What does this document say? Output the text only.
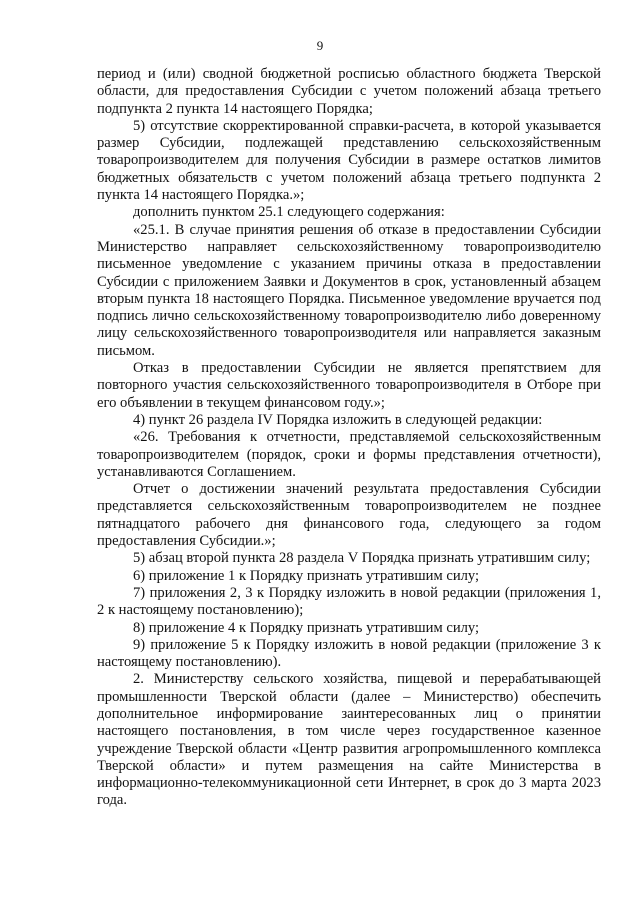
9

период и (или) сводной бюджетной росписью областного бюджета Тверской области, для предоставления Субсидии с учетом положений абзаца третьего подпункта 2 пункта 14 настоящего Порядка;

5) отсутствие скорректированной справки-расчета, в которой указывается размер Субсидии, подлежащей представлению сельскохозяйственным товаропроизводителем для получения Субсидии в размере остатков лимитов бюджетных обязательств с учетом положений абзаца третьего подпункта 2 пункта 14 настоящего Порядка.»;

дополнить пунктом 25.1 следующего содержания:

«25.1. В случае принятия решения об отказе в предоставлении Субсидии Министерство направляет сельскохозяйственному товаропроизводителю письменное уведомление с указанием причины отказа в предоставлении Субсидии с приложением Заявки и Документов в срок, установленный абзацем вторым пункта 18 настоящего Порядка. Письменное уведомление вручается под подпись лично сельскохозяйственному товаропроизводителю либо доверенному лицу сельскохозяйственного товаропроизводителя или направляется заказным письмом.

Отказ в предоставлении Субсидии не является препятствием для повторного участия сельскохозяйственного товаропроизводителя в Отборе при его объявлении в текущем финансовом году.»;

4) пункт 26 раздела IV Порядка изложить в следующей редакции:

«26. Требования к отчетности, представляемой сельскохозяйственным товаропроизводителем (порядок, сроки и формы представления отчетности), устанавливаются Соглашением.

Отчет о достижении значений результата предоставления Субсидии представляется сельскохозяйственным товаропроизводителем не позднее пятнадцатого рабочего дня финансового года, следующего за годом предоставления Субсидии.»;

5) абзац второй пункта 28 раздела V Порядка признать утратившим силу;

6) приложение 1 к Порядку признать утратившим силу;

7) приложения 2, 3 к Порядку изложить в новой редакции (приложения 1, 2 к настоящему постановлению);

8) приложение 4 к Порядку признать утратившим силу;

9) приложение 5 к Порядку изложить в новой редакции (приложение 3 к настоящему постановлению).

2. Министерству сельского хозяйства, пищевой и перерабатывающей промышленности Тверской области (далее – Министерство) обеспечить дополнительное информирование заинтересованных лиц о принятии настоящего постановления, в том числе через государственное казенное учреждение Тверской области «Центр развития агропромышленного комплекса Тверской области» и путем размещения на сайте Министерства в информационно-телекоммуникационной сети Интернет, в срок до 3 марта 2023 года.
